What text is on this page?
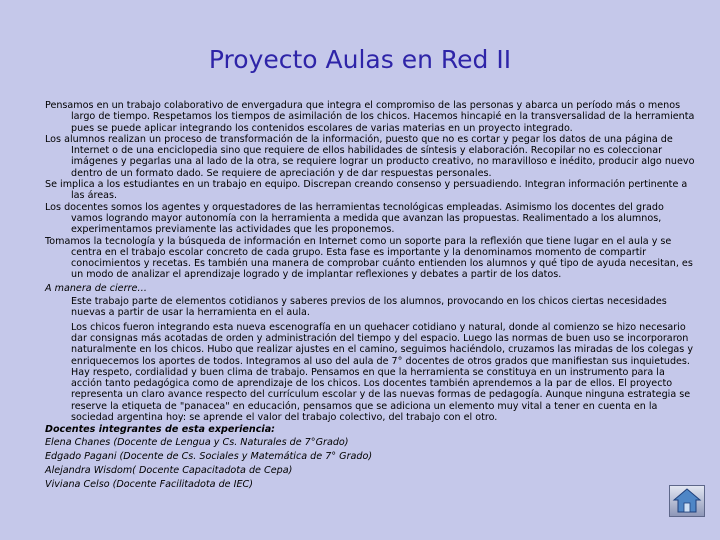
Proyecto Aulas en Red II

Pensamos en un trabajo colaborativo de envergadura que integra el compromiso de las personas y abarca un período más o menos largo de tiempo. Respetamos los tiempos de asimilación de los chicos. Hacemos hincapié en la transversalidad de la herramienta pues se puede aplicar integrando los contenidos escolares de varias materias en un proyecto integrado.

Los alumnos realizan un proceso de transformación de la información, puesto que no es cortar y pegar los datos de una página de Internet o de una enciclopedia sino que requiere de ellos habilidades de síntesis y elaboración. Recopilar no es coleccionar imágenes y pegarlas una al lado de la otra, se requiere lograr un producto creativo, no maravilloso e inédito, producir algo nuevo dentro de un formato dado. Se requiere de apreciación y de dar respuestas personales.

Se implica a los estudiantes en un trabajo en equipo. Discrepan creando consenso y persuadiendo. Integran información pertinente a las áreas.

Los docentes somos los agentes y orquestadores de las herramientas tecnológicas empleadas. Asimismo los docentes del grado vamos logrando mayor autonomía con la herramienta a medida que avanzan las propuestas. Realimentado a los alumnos, experimentamos previamente las actividades que les proponemos.

Tomamos la tecnología y la búsqueda de información en Internet como un soporte para la reflexión que tiene lugar en el aula y se centra en el trabajo escolar concreto de cada grupo. Esta fase es importante y la denominamos momento de compartir conocimientos y recetas. Es también una manera de comprobar cuánto entienden los alumnos y qué tipo de ayuda necesitan, es un modo de analizar el aprendizaje logrado y de implantar reflexiones y debates a partir de los datos.

A manera de cierre…

Este trabajo parte de elementos cotidianos y saberes previos de los alumnos, provocando en los chicos ciertas necesidades nuevas a partir de usar la herramienta en el aula.

Los chicos fueron integrando esta nueva escenografía en un quehacer cotidiano y natural, donde al comienzo se hizo necesario dar consignas más acotadas de orden y administración del tiempo y del espacio. Luego las normas de buen uso se incorporaron naturalmente en los chicos. Hubo que realizar ajustes en el camino, seguimos haciéndolo, cruzamos las miradas de los colegas y enriquecemos los aportes de todos. Integramos al uso del aula de 7° docentes de otros grados que manifiestan sus inquietudes. Hay respeto, cordialidad y buen clima de trabajo. Pensamos en que la herramienta se constituya en un instrumento para la acción tanto pedagógica como de aprendizaje de los chicos. Los docentes también aprendemos a la par de ellos. El proyecto representa un claro avance respecto del currículum escolar y de las nuevas formas de pedagogía. Aunque ninguna estrategia se reserve la etiqueta de "panacea" en educación, pensamos que se adiciona un elemento muy vital a tener en cuenta en la sociedad argentina hoy: se aprende el valor del trabajo colectivo, del trabajo con el otro.

Docentes integrantes de esta experiencia:

Elena Chanes (Docente de Lengua y Cs. Naturales de 7°Grado)

Edgado Pagani (Docente de Cs. Sociales y Matemática de 7° Grado)

Alejandra Wisdom( Docente Capacitadota de Cepa)

Viviana Celso (Docente Facilitadota de IEC)
